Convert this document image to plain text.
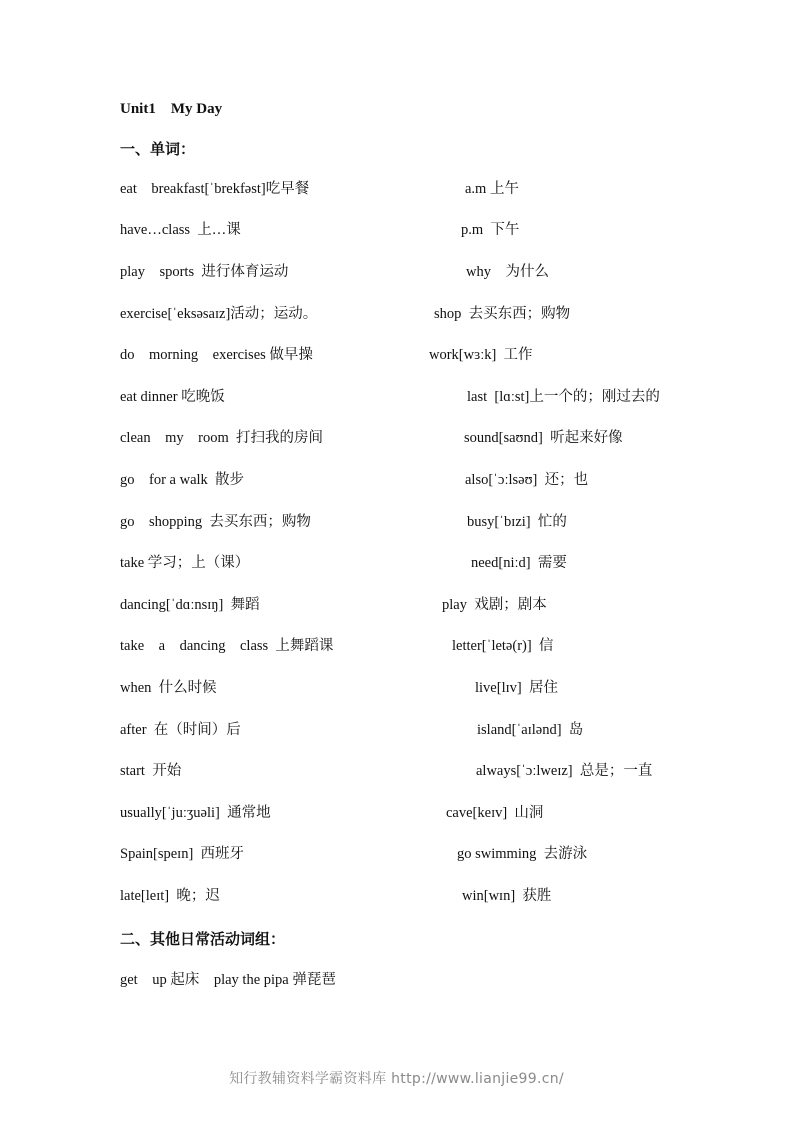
Unit1    My Day
一、单词：
eat    breakfast[ˈbrekfəst]吃早餐	a.m 上午
have…class  上…课	p.m  下午
play    sports  进行体育运动	why    为什么
exercise[ˈeksəsaɪz]活动；运动。	shop  去买东西；购物
do    morning    exercises 做早操	work[wɜːk]  工作
eat dinner 吃晚饭	last  [lɑːst]上一个的；刚过去的
clean    my    room  打扫我的房间	sound[saʊnd]  听起来好像
go    for a walk  散步	also[ˈɔːlsəʊ]  还；也
go    shopping  去买东西；购物	busy[ˈbɪzi]  忙的
take 学习；上（课）	need[niːd]  需要
dancing[ˈdɑːnsɪŋ]  舞蹈	play  戏剧；剧本
take    a    dancing    class  上舞蹈课	letter[ˈletə(r)]  信
when  什么时候	live[lɪv]  居住
after  在（时间）后	island[ˈaɪlənd]  岛
start  开始	always[ˈɔːlweɪz]  总是；一直
usually[ˈjuːʒuəli]  通常地	cave[keɪv]  山洞
Spain[speɪn]  西班牙	go swimming  去游泳
late[leɪt]  晚；迟	win[wɪn]  获胜
二、其他日常活动词组：
get    up 起床    play the pipa 弹琵琶
知行教辅资料学霸资料库 http://www.lianjie99.cn/
